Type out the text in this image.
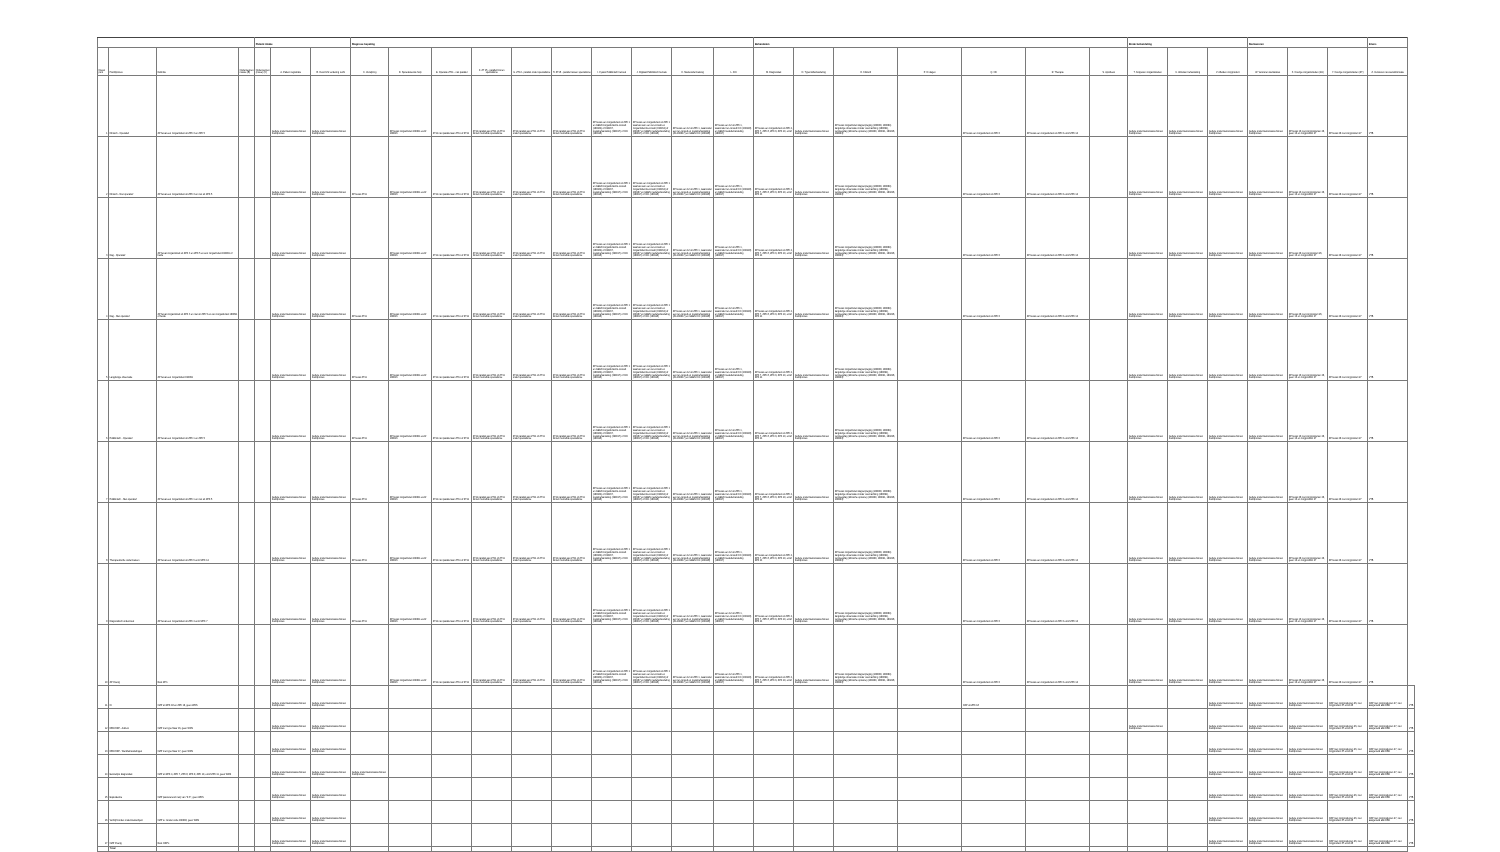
				Patient intake			Diagnose bepaling										Behandelen							Einde behandeling			Declaureren			Intens	
Nieuw punt	Hoofdproces	Definitie	Onderwerpen masse (B)	Onderwerpen (mnee) (C)	A. Patient registratie	B. Overzicht verdering recht	C. Verwijzing	D. Spoedeisende hulp	E. Operatie ZT11 - niet parallel	F. ZT 15 - parallel binnen specialisme	G. ZT13 - parallel onder specialisme	H. ZT15 - parallel tussen specialisme	I. Fysiek Poliklinisch bezoek	J. Digitaal Poliklinisch bezoek	K. Medeonderzoeking	L. ICC	M. Diagnostiek	N. Typemidbehandeling	O. Klinisch	P. IC dagen	Q. OK	R. Therapie	S. Apotheek	T. Koppelen zorgactiviteiten	U. Afsluiten behandeling	V. Afleiden zorgproduct	W. Versturen declaraties	X. Overige zorgactiviteiten (ZA)	Y. Overige zorgactiviteiten (ZT)	Z. Versturen niet-wetsinformatie	
1	Klinisch - Operatief	ZP bevat een zorgactiviteit uit ZPK 3 en ZPK 5			Gehele onderzoeksmassa binnen hoofdproces	Gehele onderzoeksmassa binnen hoofdproces		ZP bevat zorgactiviteit 190011 en/of 190016	ZT11 niet parallel aan ZT11 of ZT11	ZT11 parallel aan ZT11 of ZT11 binnen hetzelfde specialisme	ZT11 parallel aan ZT11 of ZT11 onder specialisme	ZT11 parallel aan ZT11 of ZT11 binnen hetzelfde specialisme	ZP bevat een zorgactiviteit uit ZPK 1 en GEEN zorgactiviteit E-consult (190164) of 190167, medebehandeling (190017) of ICC (190118)	ZP bevat een zorgactiviteit uit ZPK 1 waarvan één een ter-consult en zorgactiviteit E-consult (190164) of 190167 en GEEN medebehandeling (190017) of ICC (190118)	ZP bevat een 12 uit ZPK 1, waaronder een ter-consult en medebehandeling (ZA 190017) en GEEN ICC (190118)	ZP bevat een 12 uit ZPK 1, waaronder ter-consult ICC (190118) en GEEN medebehandeling (190017)	ZP bevat een zorgactiviteit uit ZPK 4, ZPK 7, ZPK 8, ZPK 9, ZPK 10, en/of ZPK 11	Gehele onderzoeksmassa binnen hoofdproces	ZP bevat zorgactiviteit dagverpleging (190090, 190094) langdurige observatie zonder overnachting (190091), verpleegdag (klinische opname) (190200, 190021, 190218, 190204)		ZP bevat een zorgactiviteit uit ZPK 6	ZP bevat een zorgactiviteit uit ZPK 6 en/of ZPK 14		Gehele onderzoeksmassa binnen hoofdproces	Gehele onderzoeksmassa binnen hoofdproces	Gehele onderzoeksmassa binnen hoofdproces	Gehele onderzoeksmassa binnen hoofdproces	ZP bevat 13 met zorgproducten 26, geen 13 en zorgproduct 27	ZP bevat 26 met zorgproduct 27	VTB	
2	Klinisch - Niet operatief	ZP bevat een zorgactiviteit uit ZPK 3 en niet uit ZPK 5			Gehele onderzoeksmassa binnen hoofdproces	Gehele onderzoeksmassa binnen hoofdproces	ZP bevat ZT11	ZP bevat zorgactiviteit 190011 en/of 190016	ZT11 niet parallel aan ZT11 of ZT11	ZT11 parallel aan ZT11 of ZT11 binnen hetzelfde specialisme	ZT11 parallel aan ZT11 of ZT11 onder specialisme	ZT11 parallel aan ZT11 of ZT11 binnen hetzelfde specialisme	ZP bevat een zorgactiviteit uit ZPK 1 en GEEN zorgactiviteit E-consult (190164) of 190167, medebehandeling (190017) of ICC (190118)	ZP bevat een zorgactiviteit uit ZPK 1 waarvan één een ter-consult en zorgactiviteit E-consult (190164) of 190167 en GEEN medebehandeling (190017) of ICC (190118)	ZP bevat een 12 uit ZPK 1, waaronder een ter-consult en medebehandeling (ZA 190017) en GEEN ICC (190118)	ZP bevat een 12 uit ZPK 1, waaronder ter-consult ICC (190118) en GEEN medebehandeling (190017)	ZP bevat een zorgactiviteit uit ZPK 4, ZPK 7, ZPK 8, ZPK 9, ZPK 10, en/of ZPK 11	Gehele onderzoeksmassa binnen hoofdproces	ZP bevat zorgactiviteit dagverpleging (190090, 190094) langdurige observatie zonder overnachting (190091), verpleegdag (klinische opname) (190200, 190021, 190218, 190204)		ZP bevat een zorgactiviteit uit ZPK 6	ZP bevat een zorgactiviteit uit ZPK 6 en/of ZPK 14		Gehele onderzoeksmassa binnen hoofdproces	Gehele onderzoeksmassa binnen hoofdproces	Gehele onderzoeksmassa binnen hoofdproces	Gehele onderzoeksmassa binnen hoofdproces	ZP bevat 13 met zorgproducten 26, geen 13 en zorgproduct 27	ZP bevat 26 met zorgproduct 27	VTB	
3	Dag - Operatief	ZP bevat zorgactiviteit uit ZPK 3 en ZPK 5 en één zorgactiviteit 190091 of beide			Gehele onderzoeksmassa binnen hoofdproces	Gehele onderzoeksmassa binnen hoofdproces		ZP bevat zorgactiviteit 190011 en/of 190016	ZT11 niet parallel aan ZT11 of ZT11	ZT11 parallel aan ZT11 of ZT11 binnen hetzelfde specialisme	ZT11 parallel aan ZT11 of ZT11 onder specialisme	ZT11 parallel aan ZT11 of ZT11 binnen hetzelfde specialisme	ZP bevat een zorgactiviteit uit ZPK 1 en GEEN zorgactiviteit E-consult (190164) of 190167, medebehandeling (190017) of ICC (190118)	ZP bevat een zorgactiviteit uit ZPK 1 waarvan één een ter-consult en zorgactiviteit E-consult (190164) of 190167 en GEEN medebehandeling (190017) of ICC (190118)	ZP bevat een 12 uit ZPK 1, waaronder een ter-consult en medebehandeling (ZA 190017) en GEEN ICC (190118)	ZP bevat een 12 uit ZPK 1, waaronder ter-consult ICC (190118) en GEEN medebehandeling (190017)	ZP bevat een zorgactiviteit uit ZPK 4, ZPK 7, ZPK 8, ZPK 9, ZPK 10, en/of ZPK 11	Gehele onderzoeksmassa binnen hoofdproces	ZP bevat zorgactiviteit dagverpleging (190090, 190094) langdurige observatie zonder overnachting (190091), verpleegdag (klinische opname) (190200, 190021, 190218, 190204)		ZP bevat een zorgactiviteit uit ZPK 6	ZP bevat een zorgactiviteit uit ZPK 6 en/of ZPK 14		Gehele onderzoeksmassa binnen hoofdproces	Gehele onderzoeksmassa binnen hoofdproces	Gehele onderzoeksmassa binnen hoofdproces	Gehele onderzoeksmassa binnen hoofdproces	ZP bevat 26 met zorgproduct 26, geen 13 en zorgproduct 27	ZP bevat 26 met zorgproduct 27	VTB	
4	Dag - Niet operatief	ZP bevat zorgactiviteit uit ZPK 3 en niet uit ZPK 5 en één zorgactiviteit 190091 of beide			Gehele onderzoeksmassa binnen hoofdproces	Gehele onderzoeksmassa binnen hoofdproces	ZP bevat ZT11	ZP bevat zorgactiviteit 190011 en/of 190016	ZT11 niet parallel aan ZT11 of ZT11	ZT11 parallel aan ZT11 of ZT11 binnen hetzelfde specialisme	ZT11 parallel aan ZT11 of ZT11 onder specialisme	ZT11 parallel aan ZT11 of ZT11 binnen hetzelfde specialisme	ZP bevat een zorgactiviteit uit ZPK 1 en GEEN zorgactiviteit E-consult (190164) of 190167, medebehandeling (190017) of ICC (190118)	ZP bevat een zorgactiviteit uit ZPK 1 waarvan één een ter-consult en zorgactiviteit E-consult (190164) of 190167 en GEEN medebehandeling (190017) of ICC (190118)	ZP bevat een 12 uit ZPK 1, waaronder een ter-consult en medebehandeling (ZA 190017) en GEEN ICC (190118)	ZP bevat een 12 uit ZPK 1, waaronder ter-consult ICC (190118) en GEEN medebehandeling (190017)	ZP bevat een zorgactiviteit uit ZPK 4, ZPK 7, ZPK 8, ZPK 9, ZPK 10, en/of ZPK 11	Gehele onderzoeksmassa binnen hoofdproces	ZP bevat zorgactiviteit dagverpleging (190090, 190094) langdurige observatie zonder overnachting (190091), verpleegdag (klinische opname) (190200, 190021, 190218, 190204)		ZP bevat een zorgactiviteit uit ZPK 6	ZP bevat een zorgactiviteit uit ZPK 6 en/of ZPK 14		Gehele onderzoeksmassa binnen hoofdproces	Gehele onderzoeksmassa binnen hoofdproces	Gehele onderzoeksmassa binnen hoofdproces	Gehele onderzoeksmassa binnen hoofdproces	ZP bevat 26 met zorgproduct 26, geen 13 en zorgproduct 27	ZP bevat 26 met zorgproduct 27	VTB	
5	Langdurige observatie	ZP bevat een zorgactiviteit 190091			Gehele onderzoeksmassa binnen hoofdproces	Gehele onderzoeksmassa binnen hoofdproces	ZP bevat ZT11	ZP bevat zorgactiviteit 190011 en/of 190016	ZT11 niet parallel aan ZT11 of ZT11	ZT11 parallel aan ZT11 of ZT11 binnen hetzelfde specialisme	ZT11 parallel aan ZT11 of ZT11 onder specialisme	ZT11 parallel aan ZT11 of ZT11 binnen hetzelfde specialisme	ZP bevat een zorgactiviteit uit ZPK 1 en GEEN zorgactiviteit E-consult (190164) of 190167, medebehandeling (190017) of ICC (190118)	ZP bevat een zorgactiviteit uit ZPK 1 waarvan één een ter-consult en zorgactiviteit E-consult (190164) of 190167 en GEEN medebehandeling (190017) of ICC (190118)	ZP bevat een 12 uit ZPK 1, waaronder een ter-consult en medebehandeling (ZA 190017) en GEEN ICC (190118)	ZP bevat een 12 uit ZPK 1, waaronder ter-consult ICC (190118) en GEEN medebehandeling (190017)	ZP bevat een zorgactiviteit uit ZPK 4, ZPK 7, ZPK 8, ZPK 9, ZPK 10, en/of ZPK 11	Gehele onderzoeksmassa binnen hoofdproces	ZP bevat zorgactiviteit dagverpleging (190090, 190094) langdurige observatie zonder overnachting (190091), verpleegdag (klinische opname) (190200, 190021, 190218, 190204)					Gehele onderzoeksmassa binnen hoofdproces	Gehele onderzoeksmassa binnen hoofdproces	Gehele onderzoeksmassa binnen hoofdproces	Gehele onderzoeksmassa binnen hoofdproces	ZP bevat 13 met zorgproducten 26, geen 13 en zorgproduct 27	ZP bevat 26 met zorgproduct 27	VTB	
6	Poliklinisch - Operatief	ZP bevat een zorgactiviteit uit ZPK 1 en ZPK 5			Gehele onderzoeksmassa binnen hoofdproces	Gehele onderzoeksmassa binnen hoofdproces	ZP bevat ZT11	ZP bevat zorgactiviteit 190011 en/of 190016	ZT11 niet parallel aan ZT11 of ZT11	ZT11 parallel aan ZT11 of ZT11 binnen hetzelfde specialisme	ZT11 parallel aan ZT11 of ZT11 onder specialisme	ZT11 parallel aan ZT11 of ZT11 binnen hetzelfde specialisme	ZP bevat een zorgactiviteit uit ZPK 1 en GEEN zorgactiviteit E-consult (190164) of 190167, medebehandeling (190017) of ICC (190118)	ZP bevat een zorgactiviteit uit ZPK 1 waarvan één een ter-consult en zorgactiviteit E-consult (190164) of 190167 en GEEN medebehandeling (190017) of ICC (190118)	ZP bevat een 12 uit ZPK 1, waaronder een ter-consult en medebehandeling (ZA 190017) en GEEN ICC (190118)	ZP bevat een 12 uit ZPK 1, waaronder ter-consult ICC (190118) en GEEN medebehandeling (190017)	ZP bevat een zorgactiviteit uit ZPK 4, ZPK 7, ZPK 8, ZPK 9, ZPK 10, en/of ZPK 11	Gehele onderzoeksmassa binnen hoofdproces	ZP bevat zorgactiviteit dagverpleging (190090, 190094) langdurige observatie zonder overnachting (190091), verpleegdag (klinische opname) (190200, 190021, 190218, 190204)		ZP bevat een zorgactiviteit uit ZPK 6	ZP bevat een zorgactiviteit uit ZPK 6 en/of ZPK 14		Gehele onderzoeksmassa binnen hoofdproces	Gehele onderzoeksmassa binnen hoofdproces	Gehele onderzoeksmassa binnen hoofdproces	Gehele onderzoeksmassa binnen hoofdproces	ZP bevat 13 met zorgproducten 26, geen 13 en zorgproduct 27	ZP bevat 26 met zorgproduct 27	VTB	
7	Poliklinisch - Niet operatief	ZP bevat een zorgactiviteit uit ZPK 1 en niet uit ZPK 5			Gehele onderzoeksmassa binnen hoofdproces	Gehele onderzoeksmassa binnen hoofdproces	ZP bevat ZT11	ZP bevat zorgactiviteit 190011 en/of 190016	ZT11 niet parallel aan ZT11 of ZT11	ZT11 parallel aan ZT11 of ZT11 binnen hetzelfde specialisme	ZT11 parallel aan ZT11 of ZT11 onder specialisme	ZT11 parallel aan ZT11 of ZT11 binnen hetzelfde specialisme	ZP bevat een zorgactiviteit uit ZPK 1 en GEEN zorgactiviteit E-consult (190164) of 190167, medebehandeling (190017) of ICC (190118)	ZP bevat een zorgactiviteit uit ZPK 1 waarvan één een ter-consult en zorgactiviteit E-consult (190164) of 190167 en GEEN medebehandeling (190017) of ICC (190118)	ZP bevat een 12 uit ZPK 1, waaronder een ter-consult en medebehandeling (ZA 190017) en GEEN ICC (190118)	ZP bevat een 12 uit ZPK 1, waaronder ter-consult ICC (190118) en GEEN medebehandeling (190017)	ZP bevat een zorgactiviteit uit ZPK 4, ZPK 7, ZPK 8, ZPK 9, ZPK 10, en/of ZPK 11	Gehele onderzoeksmassa binnen hoofdproces	ZP bevat zorgactiviteit dagverpleging (190090, 190094) langdurige observatie zonder overnachting (190091), verpleegdag (klinische opname) (190200, 190021, 190218, 190204)		ZP bevat een zorgactiviteit uit ZPK 6	ZP bevat een zorgactiviteit uit ZPK 6 en/of ZPK 14		Gehele onderzoeksmassa binnen hoofdproces	Gehele onderzoeksmassa binnen hoofdproces	Gehele onderzoeksmassa binnen hoofdproces	Gehele onderzoeksmassa binnen hoofdproces	ZP bevat 26 met zorgproducten 26, geen 13 en zorgproduct 27	ZP bevat 26 met zorgproduct 27	VTB	
8	Therapeutische onderzoeken	ZP bevat een zorgactiviteit uit ZPK 6 en/of ZPK 14			Gehele onderzoeksmassa binnen hoofdproces	Gehele onderzoeksmassa binnen hoofdproces	ZP bevat ZT11	ZP bevat zorgactiviteit 190011 en/of 190016	ZT11 niet parallel aan ZT11 of ZT11	ZT11 parallel aan ZT11 of ZT11 binnen hetzelfde specialisme	ZT11 parallel aan ZT11 of ZT11 onder specialisme	ZT11 parallel aan ZT11 of ZT11 binnen hetzelfde specialisme	ZP bevat een zorgactiviteit uit ZPK 1 en GEEN zorgactiviteit E-consult (190164) of 190167, medebehandeling (190017) of ICC (190118)	ZP bevat een zorgactiviteit uit ZPK 1 waarvan één een ter-consult en zorgactiviteit E-consult (190164) of 190167 en GEEN medebehandeling (190017) of ICC (190118)	ZP bevat een 12 uit ZPK 1, waaronder een ter-consult en medebehandeling (ZA 190017) en GEEN ICC (190118)	ZP bevat een 12 uit ZPK 1, waaronder ter-consult ICC (190118) en GEEN medebehandeling (190017)	ZP bevat een zorgactiviteit uit ZPK 4, ZPK 7, ZPK 8, ZPK 9, ZPK 10, en/of ZPK 11	Gehele onderzoeksmassa binnen hoofdproces	ZP bevat zorgactiviteit dagverpleging (190090, 190094) langdurige observatie zonder overnachting (190091), verpleegdag (klinische opname) (190200, 190021, 190218, 190204)		ZP bevat een zorgactiviteit uit ZPK 6	ZP bevat een zorgactiviteit uit ZPK 6 en/of ZPK 14		Gehele onderzoeksmassa binnen hoofdproces	Gehele onderzoeksmassa binnen hoofdproces	Gehele onderzoeksmassa binnen hoofdproces	Gehele onderzoeksmassa binnen hoofdproces	ZP bevat 26 met zorgproducten 26, geen 13 en zorgproduct 27	ZP bevat 26 met zorgproduct 27	VTB	
9	Diagnostisch onderzoek	ZP bevat een zorgactiviteit uit ZPK 4 en/of ZPK 7			Gehele onderzoeksmassa binnen hoofdproces	Gehele onderzoeksmassa binnen hoofdproces	ZP bevat ZT11	ZP bevat zorgactiviteit 190011 en/of 190016	ZT11 niet parallel aan ZT11 of ZT11	ZT11 parallel aan ZT11 of ZT11 binnen hetzelfde specialisme	ZT11 parallel aan ZT11 of ZT11 onder specialisme	ZT11 parallel aan ZT11 of ZT11 binnen hetzelfde specialisme	ZP bevat een zorgactiviteit uit ZPK 1 en GEEN zorgactiviteit E-consult (190164) of 190167, medebehandeling (190017) of ICC (190118)	ZP bevat een zorgactiviteit uit ZPK 1 waarvan één een ter-consult en zorgactiviteit E-consult (190164) of 190167 en GEEN medebehandeling (190017) of ICC (190118)	ZP bevat een 12 uit ZPK 1, waaronder een ter-consult en medebehandeling (ZA 190017) en GEEN ICC (190118)	ZP bevat een 12 uit ZPK 1, waaronder ter-consult ICC (190118) en GEEN medebehandeling (190017)	ZP bevat een zorgactiviteit uit ZPK 4, ZPK 7, ZPK 8, ZPK 9, ZPK 10, en/of ZPK 11	Gehele onderzoeksmassa binnen hoofdproces	ZP bevat zorgactiviteit dagverpleging (190090, 190094) langdurige observatie zonder overnachting (190091), verpleegdag (klinische opname) (190200, 190021, 190218, 190204)		ZP bevat een zorgactiviteit uit ZPK 6	ZP bevat een zorgactiviteit uit ZPK 6 en/of ZPK 14		Gehele onderzoeksmassa binnen hoofdproces	Gehele onderzoeksmassa binnen hoofdproces	Gehele onderzoeksmassa binnen hoofdproces	Gehele onderzoeksmassa binnen hoofdproces	ZP bevat 13 met zorgproducten 26, geen 13 en zorgproduct 27	ZP bevat 26 met zorgproduct 27	VTB	
10	ZP Overig	Rest ZP's			Gehele onderzoeksmassa binnen hoofdproces	Gehele onderzoeksmassa binnen hoofdproces		ZP bevat zorgactiviteit 190011 en/of 190016	ZT11 niet parallel aan ZT11 of ZT11	ZT11 parallel aan ZT11 of ZT11 binnen hetzelfde specialisme	ZT11 parallel aan ZT11 of ZT11 onder specialisme	ZT11 parallel aan ZT11 of ZT11 binnen hetzelfde specialisme	ZP bevat een zorgactiviteit uit ZPK 1 en GEEN zorgactiviteit E-consult (190164) of 190167, medebehandeling (190017) of ICC (190118)	ZP bevat een zorgactiviteit uit ZPK 1 waarvan één een ter-consult en zorgactiviteit E-consult (190164) of 190167 en GEEN medebehandeling (190017) of ICC (190118)	ZP bevat een 12 uit ZPK 1, waaronder een ter-consult en medebehandeling (ZA 190017) en GEEN ICC (190118)	ZP bevat een 12 uit ZPK 1, waaronder ter-consult ICC (190118) en GEEN medebehandeling (190017)	ZP bevat een zorgactiviteit uit ZPK 4, ZPK 7, ZPK 8, ZPK 9, ZPK 10, en/of ZPK 11	Gehele onderzoeksmassa binnen hoofdproces	ZP bevat zorgactiviteit dagverpleging (190090, 190094) langdurige observatie zonder overnachting (190091), verpleegdag (klinische opname) (190200, 190021, 190218, 190204)		ZP bevat een zorgactiviteit uit ZPK 6	ZP bevat een zorgactiviteit uit ZPK 6 en/of ZPK 14		Gehele onderzoeksmassa binnen hoofdproces	Gehele onderzoeksmassa binnen hoofdproces	Gehele onderzoeksmassa binnen hoofdproces	Gehele onderzoeksmassa binnen hoofdproces	ZP bevat 26 met zorgproducten 26, geen 13 en zorgproduct 27	ZP bevat 26 met zorgproduct 27	VTB	
11	IC	OZP uit ZPK 18 en ZPK 19, geen WDS			Gehele onderzoeksmassa binnen hoofdproces	Gehele onderzoeksmassa binnen hoofdproces															OZP uit ZPK 18					Gehele onderzoeksmassa binnen hoofdproces	Gehele onderzoeksmassa binnen hoofdproces	Gehele onderzoeksmassa binnen hoofdproces	OZP met zorgproducten 26, met zorgproduct 27 en/of 28	OZP met zorgproducten 27, niet aangemeld aan DBC	VTB
12	DBC/OZP - Add-on	OZP met type Naar 16, geen WDS			Gehele onderzoeksmassa binnen hoofdproces	Gehele onderzoeksmassa binnen hoofdproces																		Gehele onderzoeksmassa binnen hoofdproces		Gehele onderzoeksmassa binnen hoofdproces	Gehele onderzoeksmassa binnen hoofdproces	Gehele onderzoeksmassa binnen hoofdproces	OZP met zorgproducten 26, met zorgproduct 27 en/of 28	OZP met zorgproducten 27, niet aangemeld aan DBC	VTB
13	DBC/OZP - Werkbehandelingen	OZP met type Naar 17, geen WDS			Gehele onderzoeksmassa binnen hoofdproces	Gehele onderzoeksmassa binnen hoofdproces																				Gehele onderzoeksmassa binnen hoofdproces	Gehele onderzoeksmassa binnen hoofdproces	Gehele onderzoeksmassa binnen hoofdproces	OZP met zorgproducten 26, met zorgproduct 27 en/of 28	OZP met zorgproducten 27, niet aangemeld aan DBC	VTB
14	Eerstelijns diagnostiek	OZP uit ZPK 4, ZPK 7, ZPK 8, ZPK 9, ZPK 10, en/of ZPK 11, geen WDS			Gehele onderzoeksmassa binnen hoofdproces	Gehele onderzoeksmassa binnen hoofdproces	Gehele onderzoeksmassa binnen hoofdproces																			Gehele onderzoeksmassa binnen hoofdproces	Gehele onderzoeksmassa binnen hoofdproces	Gehele onderzoeksmassa binnen hoofdproces	OZP met zorgproducten 26, met zorgproduct 27 en/of 28	OZP met zorgproducten 27, niet aangemeld aan DBC	VTB
15	Equivalentie	OZP (aanvoerend met) van "Z.X", geen WDS			Gehele onderzoeksmassa binnen hoofdproces	Gehele onderzoeksmassa binnen hoofdproces																				Gehele onderzoeksmassa binnen hoofdproces	Gehele onderzoeksmassa binnen hoofdproces	Gehele onderzoeksmassa binnen hoofdproces	OZP met zorgproducten 26, met zorgproduct 27 en/of 28	OZP met zorgproducten 27, niet aangemeld aan DBC	VTB
16	Verblijf zonder onderzoeksobject	OZP w. zonder code 190093, geen WDS			Gehele onderzoeksmassa binnen hoofdproces	Gehele onderzoeksmassa binnen hoofdproces																				Gehele onderzoeksmassa binnen hoofdproces	Gehele onderzoeksmassa binnen hoofdproces	Gehele onderzoeksmassa binnen hoofdproces	OZP met zorgproducten 26, met zorgproduct 27 en/of 28	OZP met zorgproducten 27, niet aangemeld aan DBC	VTB
17	OZP Overig	Rest OZP's			Gehele onderzoeksmassa binnen hoofdproces	Gehele onderzoeksmassa binnen hoofdproces																				Gehele onderzoeksmassa binnen hoofdproces	Gehele onderzoeksmassa binnen hoofdproces	Gehele onderzoeksmassa binnen hoofdproces	OZP met zorgproducten 26, met zorgproduct 27 en/of 28	OZP met zorgproducten 27, niet aangemeld aan DBC	VTB
	Totaal																														
